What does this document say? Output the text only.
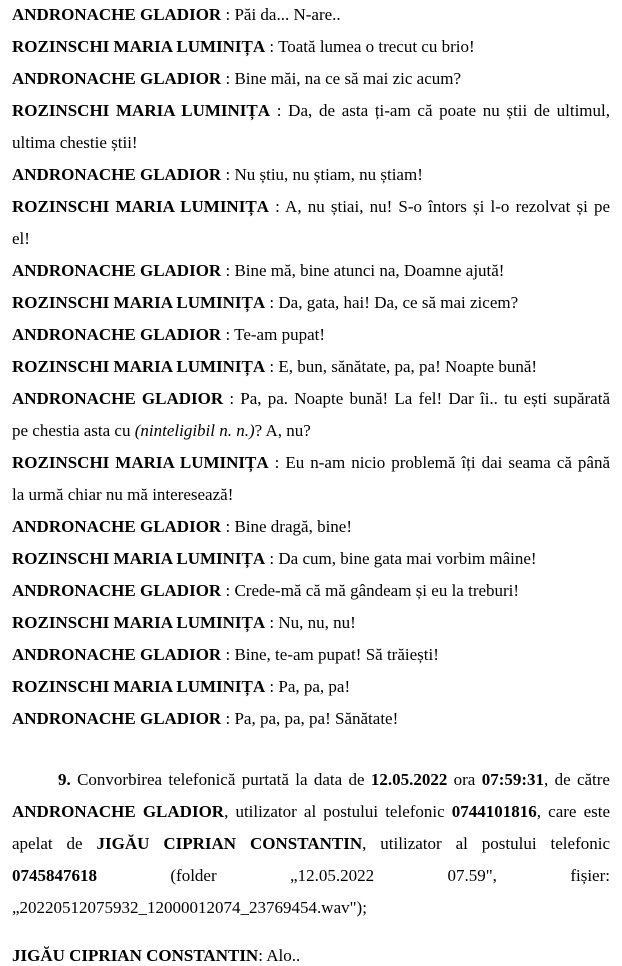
ANDRONACHE GLADIOR : Păi da... N-are..
ROZINSCHI MARIA LUMINIȚA : Toată lumea o trecut cu brio!
ANDRONACHE GLADIOR : Bine măi, na ce să mai zic acum?
ROZINSCHI MARIA LUMINIȚA : Da, de asta ți-am că poate nu știi de ultimul,
ultima chestie știi!
ANDRONACHE GLADIOR : Nu știu, nu știam, nu știam!
ROZINSCHI MARIA LUMINIȚA : A, nu știai, nu! S-o întors și l-o rezolvat și pe
el!
ANDRONACHE GLADIOR : Bine mă, bine atunci na, Doamne ajută!
ROZINSCHI MARIA LUMINIȚA : Da, gata, hai! Da, ce să mai zicem?
ANDRONACHE GLADIOR : Te-am pupat!
ROZINSCHI MARIA LUMINIȚA : E, bun, sănătate, pa, pa! Noapte bună!
ANDRONACHE GLADIOR : Pa, pa. Noapte bună! La fel! Dar îi.. tu ești supărată
pe chestia asta cu (ninteligibil n. n.)? A, nu?
ROZINSCHI MARIA LUMINIȚA : Eu n-am nicio problemă îți dai seama că până
la urmă chiar nu mă interesează!
ANDRONACHE GLADIOR : Bine dragă, bine!
ROZINSCHI MARIA LUMINIȚA : Da cum, bine gata mai vorbim mâine!
ANDRONACHE GLADIOR : Crede-mă că mă gândeam și eu la treburi!
ROZINSCHI MARIA LUMINIȚA : Nu, nu, nu!
ANDRONACHE GLADIOR : Bine, te-am pupat! Să trăiești!
ROZINSCHI MARIA LUMINIȚA : Pa, pa, pa!
ANDRONACHE GLADIOR : Pa, pa, pa, pa! Sănătate!
9. Convorbirea telefonică purtată la data de 12.05.2022 ora 07:59:31, de către
ANDRONACHE GLADIOR, utilizator al postului telefonic 0744101816, care este
apelat de JIGĂU CIPRIAN CONSTANTIN, utilizator al postului telefonic
0745847618	(folder	„12.05.2022	07.59",	fișier:
„20220512075932_12000012074_23769454.wav");
JIGĂU CIPRIAN CONSTANTIN: Alo..
